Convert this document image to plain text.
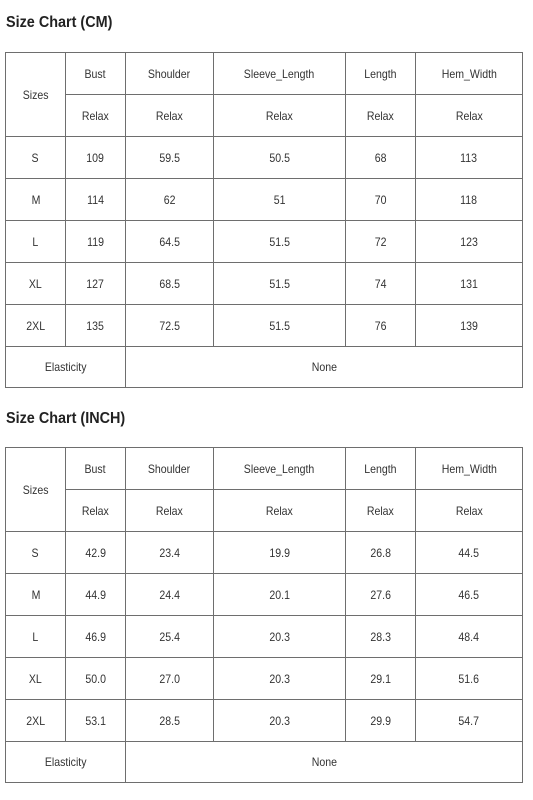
Size Chart (CM)
Sizes	Bust	Shoulder	Sleeve_Length	Length	Hem_Width
	Relax	Relax	Relax	Relax	Relax
S	109	59.5	50.5	68	113
M	114	62	51	70	118
L	119	64.5	51.5	72	123
XL	127	68.5	51.5	74	131
2XL	135	72.5	51.5	76	139
Elasticity		None			
Size Chart (INCH)
Sizes	Bust	Shoulder	Sleeve_Length	Length	Hem_Width
	Relax	Relax	Relax	Relax	Relax
S	42.9	23.4	19.9	26.8	44.5
M	44.9	24.4	20.1	27.6	46.5
L	46.9	25.4	20.3	28.3	48.4
XL	50.0	27.0	20.3	29.1	51.6
2XL	53.1	28.5	20.3	29.9	54.7
Elasticity		None			
